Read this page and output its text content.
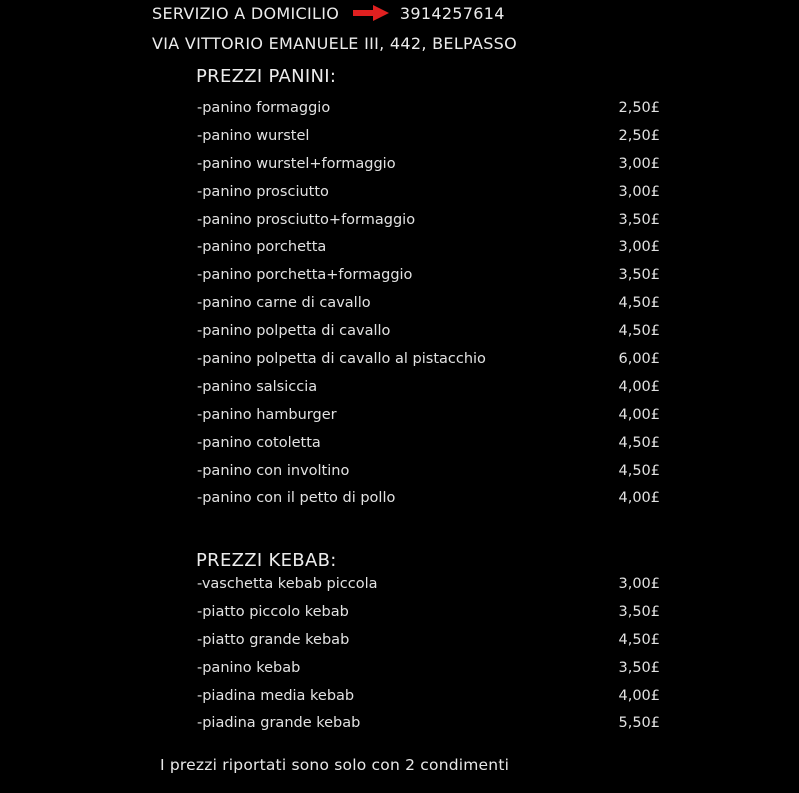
SERVIZIO A DOMICILIO	3914257614
VIA VITTORIO EMANUELE III, 442, BELPASSO
PREZZI PANINI:
-panino formaggio	2,50£
-panino wurstel	2,50£
-panino wurstel+formaggio	3,00£
-panino prosciutto	3,00£
-panino prosciutto+formaggio	3,50£
-panino porchetta	3,00£
-panino porchetta+formaggio	3,50£
-panino carne di cavallo	4,50£
-panino polpetta di cavallo	4,50£
-panino polpetta di cavallo al pistacchio	6,00£
-panino salsiccia	4,00£
-panino hamburger	4,00£
-panino cotoletta	4,50£
-panino con involtino	4,50£
-panino con il petto di pollo	4,00£
PREZZI KEBAB:
-vaschetta kebab piccola	3,00£
-piatto piccolo kebab	3,50£
-piatto grande kebab	4,50£
-panino kebab	3,50£
-piadina media kebab	4,00£
-piadina grande kebab	5,50£
I prezzi riportati sono solo con 2 condimenti
